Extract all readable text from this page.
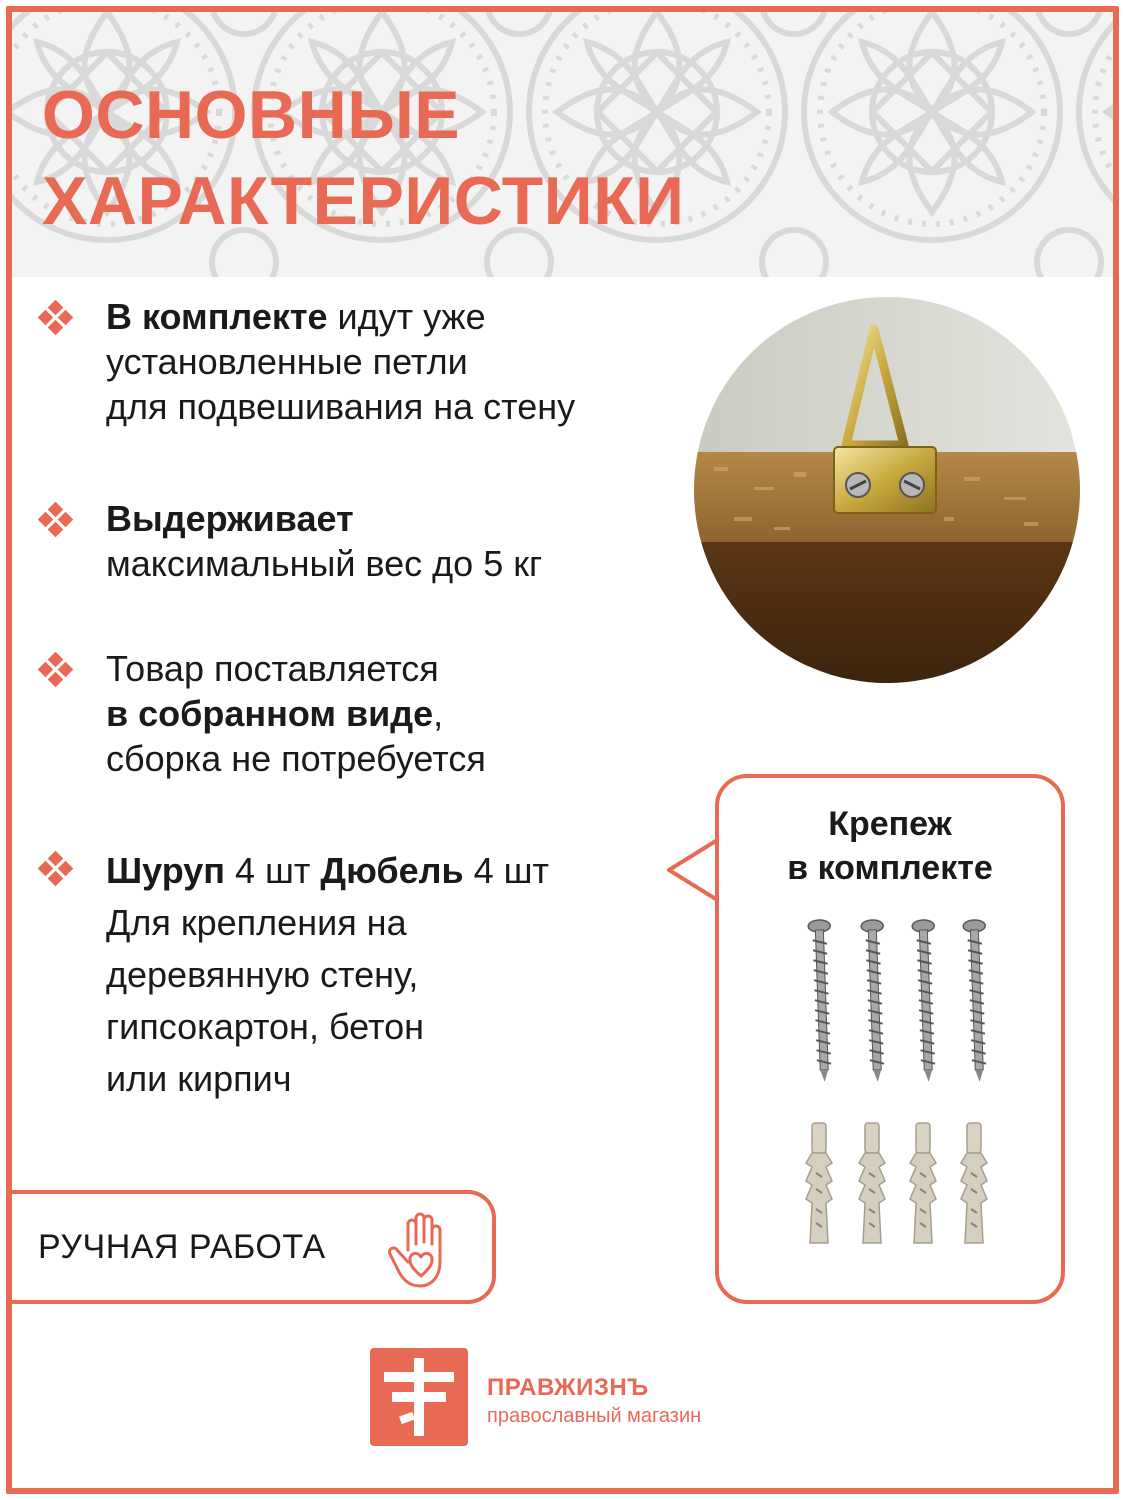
ОСНОВНЫЕ
ХАРАКТЕРИСТИКИ
В комплекте идут уже
установленные петли
для подвешивания на стену
Выдерживает
максимальный вес до 5 кг
Товар поставляется
в собранном виде,
сборка не потребуется
Шуруп 4 шт Дюбель 4 шт
Для крепления на
деревянную стену,
гипсокартон, бетон
или кирпич
Крепеж
в комплекте
РУЧНАЯ РАБОТА
ПРАВЖИЗНЪ
православный магазин
